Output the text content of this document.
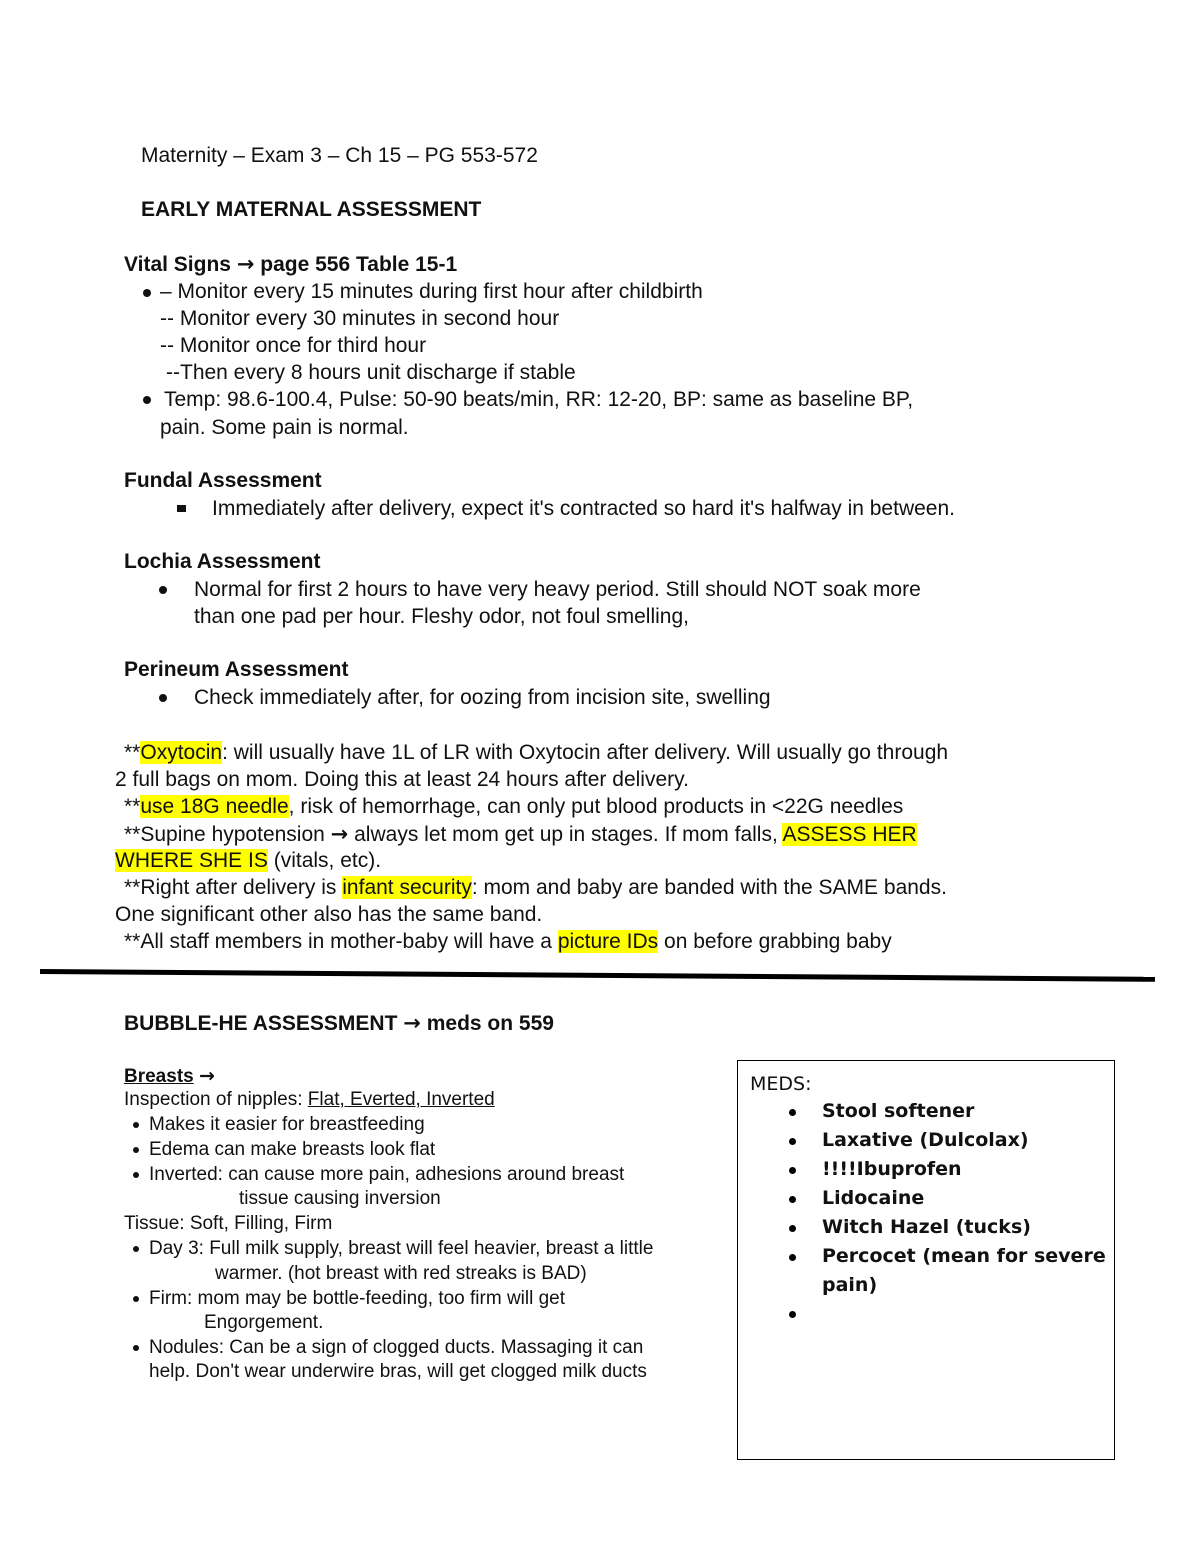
Maternity – Exam 3 – Ch 15 – PG 553-572
EARLY MATERNAL ASSESSMENT
Vital Signs → page 556 Table 15-1
– Monitor every 15 minutes during first hour after childbirth
-- Monitor every 30 minutes in second hour
-- Monitor once for third hour
--Then every 8 hours unit discharge if stable
Temp: 98.6-100.4, Pulse: 50-90 beats/min, RR: 12-20, BP: same as baseline BP,
pain. Some pain is normal.
Fundal Assessment
Immediately after delivery, expect it's contracted so hard it's halfway in between.
Lochia Assessment
Normal for first 2 hours to have very heavy period. Still should NOT soak more
than one pad per hour. Fleshy odor, not foul smelling,
Perineum Assessment
Check immediately after, for oozing from incision site, swelling
**Oxytocin: will usually have 1L of LR with Oxytocin after delivery. Will usually go through
2 full bags on mom. Doing this at least 24 hours after delivery.
**use 18G needle, risk of hemorrhage, can only put blood products in <22G needles
**Supine hypotension → always let mom get up in stages. If mom falls, ASSESS HER
WHERE SHE IS (vitals, etc).
**Right after delivery is infant security: mom and baby are banded with the SAME bands.
One significant other also has the same band.
**All staff members in mother-baby will have a picture IDs on before grabbing baby
BUBBLE-HE ASSESSMENT → meds on 559
Breasts →
Inspection of nipples: Flat, Everted, Inverted
Makes it easier for breastfeeding
Edema can make breasts look flat
Inverted: can cause more pain, adhesions around breast
tissue causing inversion
Tissue: Soft, Filling, Firm
Day 3: Full milk supply, breast will feel heavier, breast a little
warmer. (hot breast with red streaks is BAD)
Firm: mom may be bottle-feeding, too firm will get
Engorgement.
Nodules: Can be a sign of clogged ducts. Massaging it can
help. Don't wear underwire bras, will get clogged milk ducts
MEDS:
Stool softener
Laxative (Dulcolax)
!!!!Ibuprofen
Lidocaine
Witch Hazel (tucks)
Percocet (mean for severe
pain)
